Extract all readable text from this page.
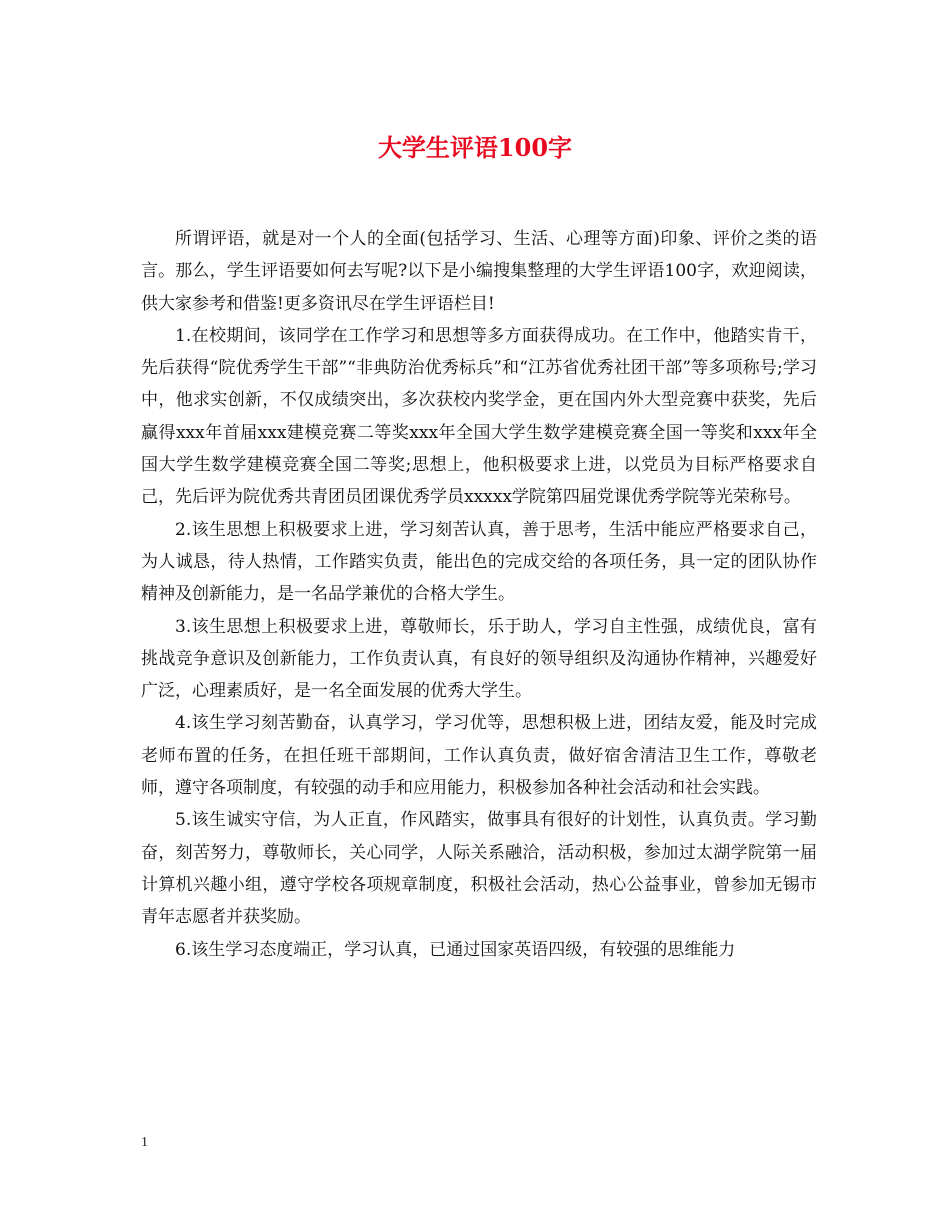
大学生评语100字

所谓评语，就是对一个人的全面(包括学习、生活、心理等方面)印象、评价之类的语言。那么，学生评语要如何去写呢?以下是小编搜集整理的大学生评语100字，欢迎阅读，供大家参考和借鉴!更多资讯尽在学生评语栏目!

1.在校期间，该同学在工作学习和思想等多方面获得成功。在工作中，他踏实肯干，先后获得“院优秀学生干部”“非典防治优秀标兵”和“江苏省优秀社团干部”等多项称号;学习中，他求实创新，不仅成绩突出，多次获校内奖学金，更在国内外大型竞赛中获奖，先后赢得xxx年首届xxx建模竞赛二等奖xxx年全国大学生数学建模竞赛全国一等奖和xxx年全国大学生数学建模竞赛全国二等奖;思想上，他积极要求上进，以党员为目标严格要求自己，先后评为院优秀共青团员团课优秀学员xxxxx学院第四届党课优秀学院等光荣称号。

2.该生思想上积极要求上进，学习刻苦认真，善于思考，生活中能应严格要求自己，为人诚恳，待人热情，工作踏实负责，能出色的完成交给的各项任务，具一定的团队协作精神及创新能力，是一名品学兼优的合格大学生。

3.该生思想上积极要求上进，尊敬师长，乐于助人，学习自主性强，成绩优良，富有挑战竞争意识及创新能力，工作负责认真，有良好的领导组织及沟通协作精神，兴趣爱好广泛，心理素质好，是一名全面发展的优秀大学生。

4.该生学习刻苦勤奋，认真学习，学习优等，思想积极上进，团结友爱，能及时完成老师布置的任务，在担任班干部期间，工作认真负责，做好宿舍清洁卫生工作，尊敬老师，遵守各项制度，有较强的动手和应用能力，积极参加各种社会活动和社会实践。

5.该生诚实守信，为人正直，作风踏实，做事具有很好的计划性，认真负责。学习勤奋，刻苦努力，尊敬师长，关心同学，人际关系融洽，活动积极，参加过太湖学院第一届计算机兴趣小组，遵守学校各项规章制度，积极社会活动，热心公益事业，曾参加无锡市青年志愿者并获奖励。

6.该生学习态度端正，学习认真，已通过国家英语四级，有较强的思维能力

1
